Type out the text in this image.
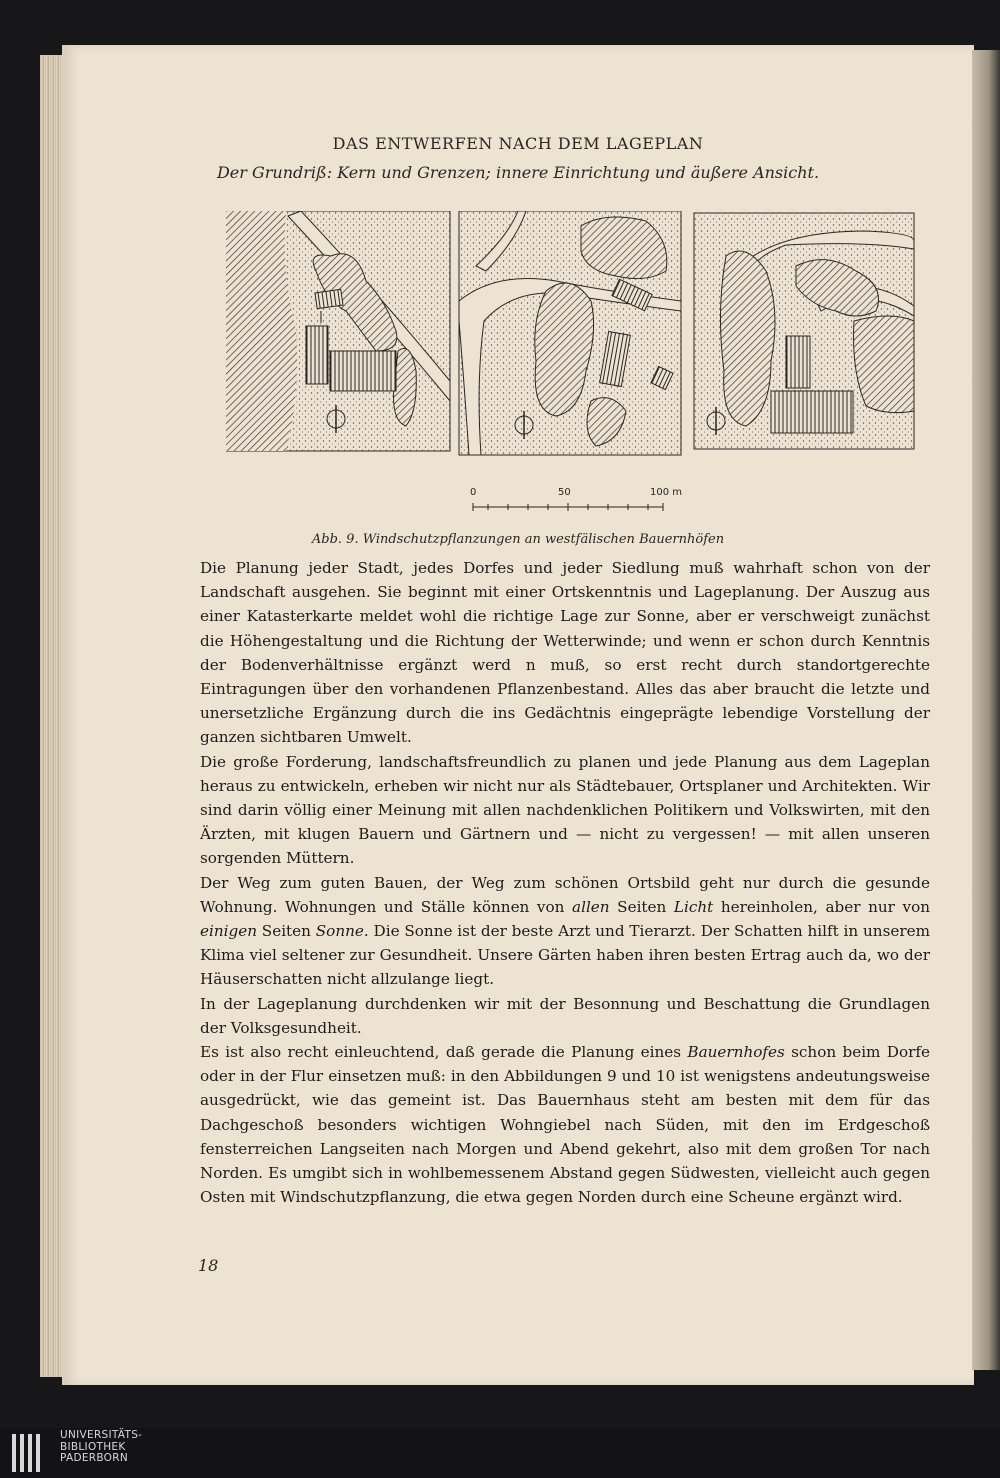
DAS ENTWERFEN NACH DEM LAGEPLAN
Der Grundriß: Kern und Grenzen; innere Einrichtung und äußere Ansicht.
0	50	100 m
Abb. 9. Windschutzpflanzungen an westfälischen Bauernhöfen

Die Planung jeder Stadt, jedes Dorfes und jeder Siedlung muß wahrhaft schon von der Landschaft ausgehen. Sie beginnt mit einer Ortskenntnis und Lageplanung. Der Auszug aus einer Katasterkarte meldet wohl die richtige Lage zur Sonne, aber er verschweigt zunächst die Höhengestaltung und die Richtung der Wetterwinde; und wenn er schon durch Kenntnis der Bodenverhältnisse ergänzt werd n muß, so erst recht durch standortgerechte Eintragungen über den vorhandenen Pflanzenbestand. Alles das aber braucht die letzte und unersetzliche Ergänzung durch die ins Gedächtnis eingeprägte lebendige Vorstellung der ganzen sichtbaren Umwelt.

Die große Forderung, landschaftsfreundlich zu planen und jede Planung aus dem Lageplan heraus zu entwickeln, erheben wir nicht nur als Städtebauer, Ortsplaner und Architekten. Wir sind darin völlig einer Meinung mit allen nachdenklichen Politikern und Volkswirten, mit den Ärzten, mit klugen Bauern und Gärtnern und — nicht zu vergessen! — mit allen unseren sorgenden Müttern.

Der Weg zum guten Bauen, der Weg zum schönen Ortsbild geht nur durch die gesunde Wohnung. Wohnungen und Ställe können von allen Seiten Licht hereinholen, aber nur von einigen Seiten Sonne. Die Sonne ist der beste Arzt und Tierarzt. Der Schatten hilft in unserem Klima viel seltener zur Gesundheit. Unsere Gärten haben ihren besten Ertrag auch da, wo der Häuserschatten nicht allzulange liegt.

In der Lageplanung durchdenken wir mit der Besonnung und Beschattung die Grundlagen der Volksgesundheit.

Es ist also recht einleuchtend, daß gerade die Planung eines Bauernhofes schon beim Dorfe oder in der Flur einsetzen muß: in den Abbildungen 9 und 10 ist wenigstens andeutungsweise ausgedrückt, wie das gemeint ist. Das Bauernhaus steht am besten mit dem für das Dachgeschoß besonders wichtigen Wohngiebel nach Süden, mit den im Erdgeschoß fensterreichen Langseiten nach Morgen und Abend gekehrt, also mit dem großen Tor nach Norden. Es umgibt sich in wohlbemessenem Abstand gegen Südwesten, vielleicht auch gegen Osten mit Windschutzpflanzung, die etwa gegen Norden durch eine Scheune ergänzt wird.

18
UNIVERSITÄTS-
BIBLIOTHEK
PADERBORN
